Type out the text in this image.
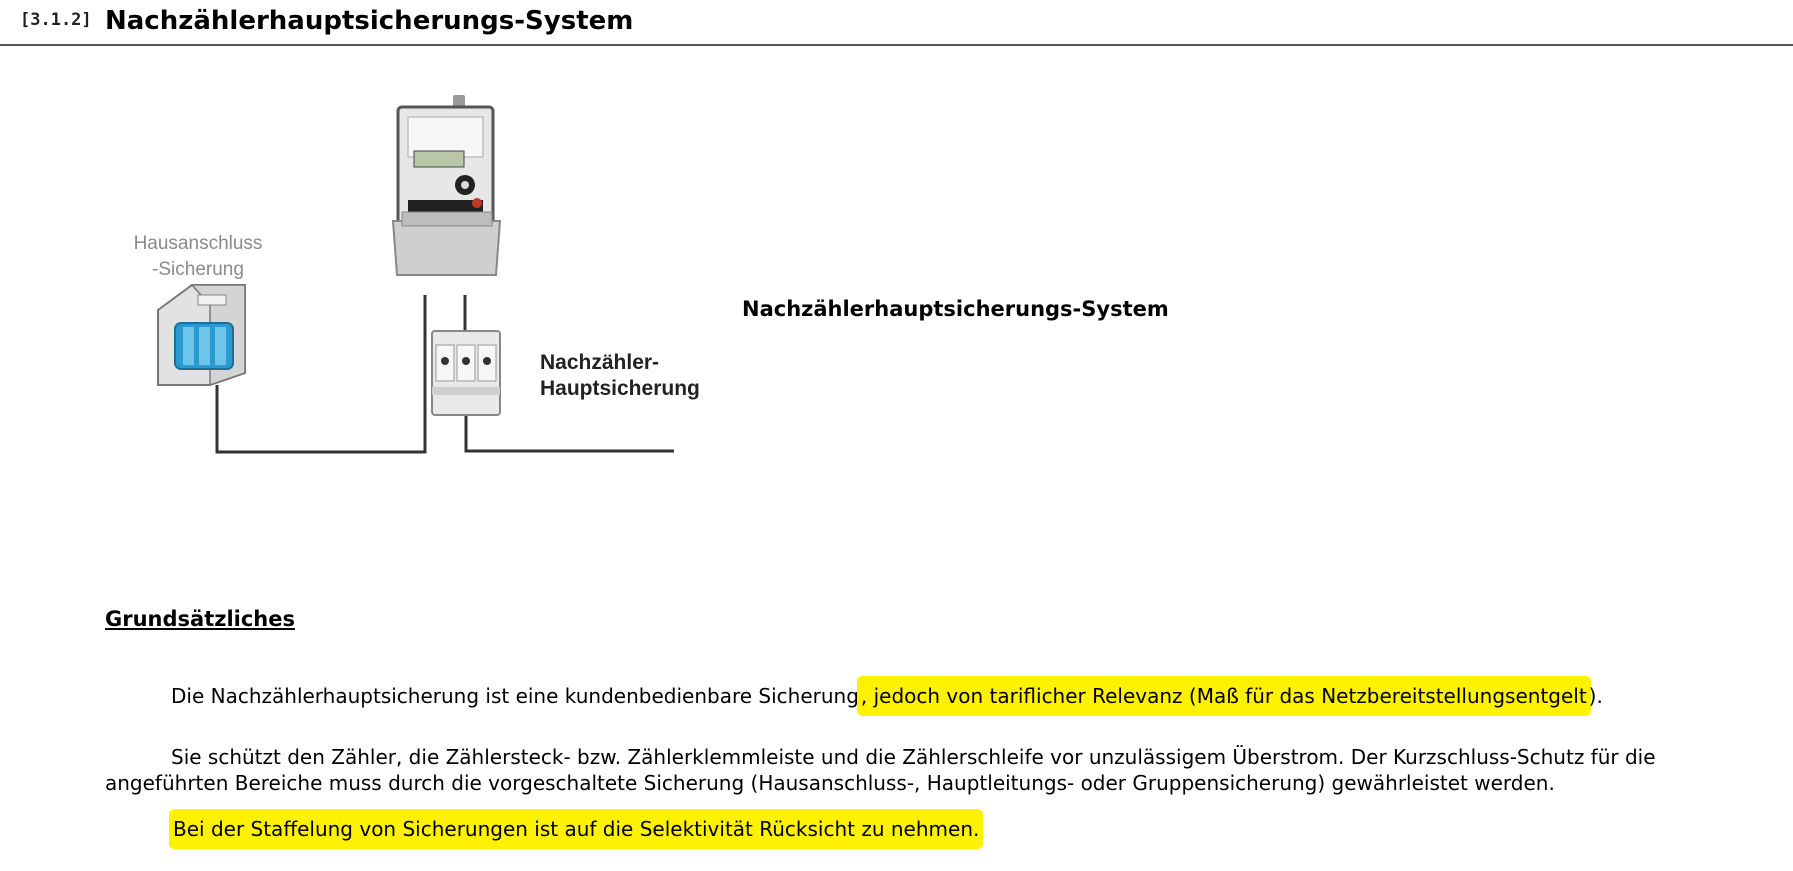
[3.1.2] Nachzählerhauptsicherungs-System
Hausanschluss
-Sicherung
Nachzähler-
Hauptsicherung
Nachzählerhauptsicherungs-System
Grundsätzliches

Die Nachzählerhauptsicherung ist eine kundenbedienbare Sicherung , jedoch von tariflicher Relevanz (Maß für das Netzbereitstellungsentgelt ).

Sie schützt den Zähler, die Zählersteck- bzw. Zählerklemmleiste und die Zählerschleife vor unzulässigem Überstrom. Der Kurzschluss-Schutz für die angeführten Bereiche muss durch die vorgeschaltete Sicherung (Hausanschluss-, Hauptleitungs- oder Gruppensicherung) gewährleistet werden.

Bei der Staffelung von Sicherungen ist auf die Selektivität Rücksicht zu nehmen.
